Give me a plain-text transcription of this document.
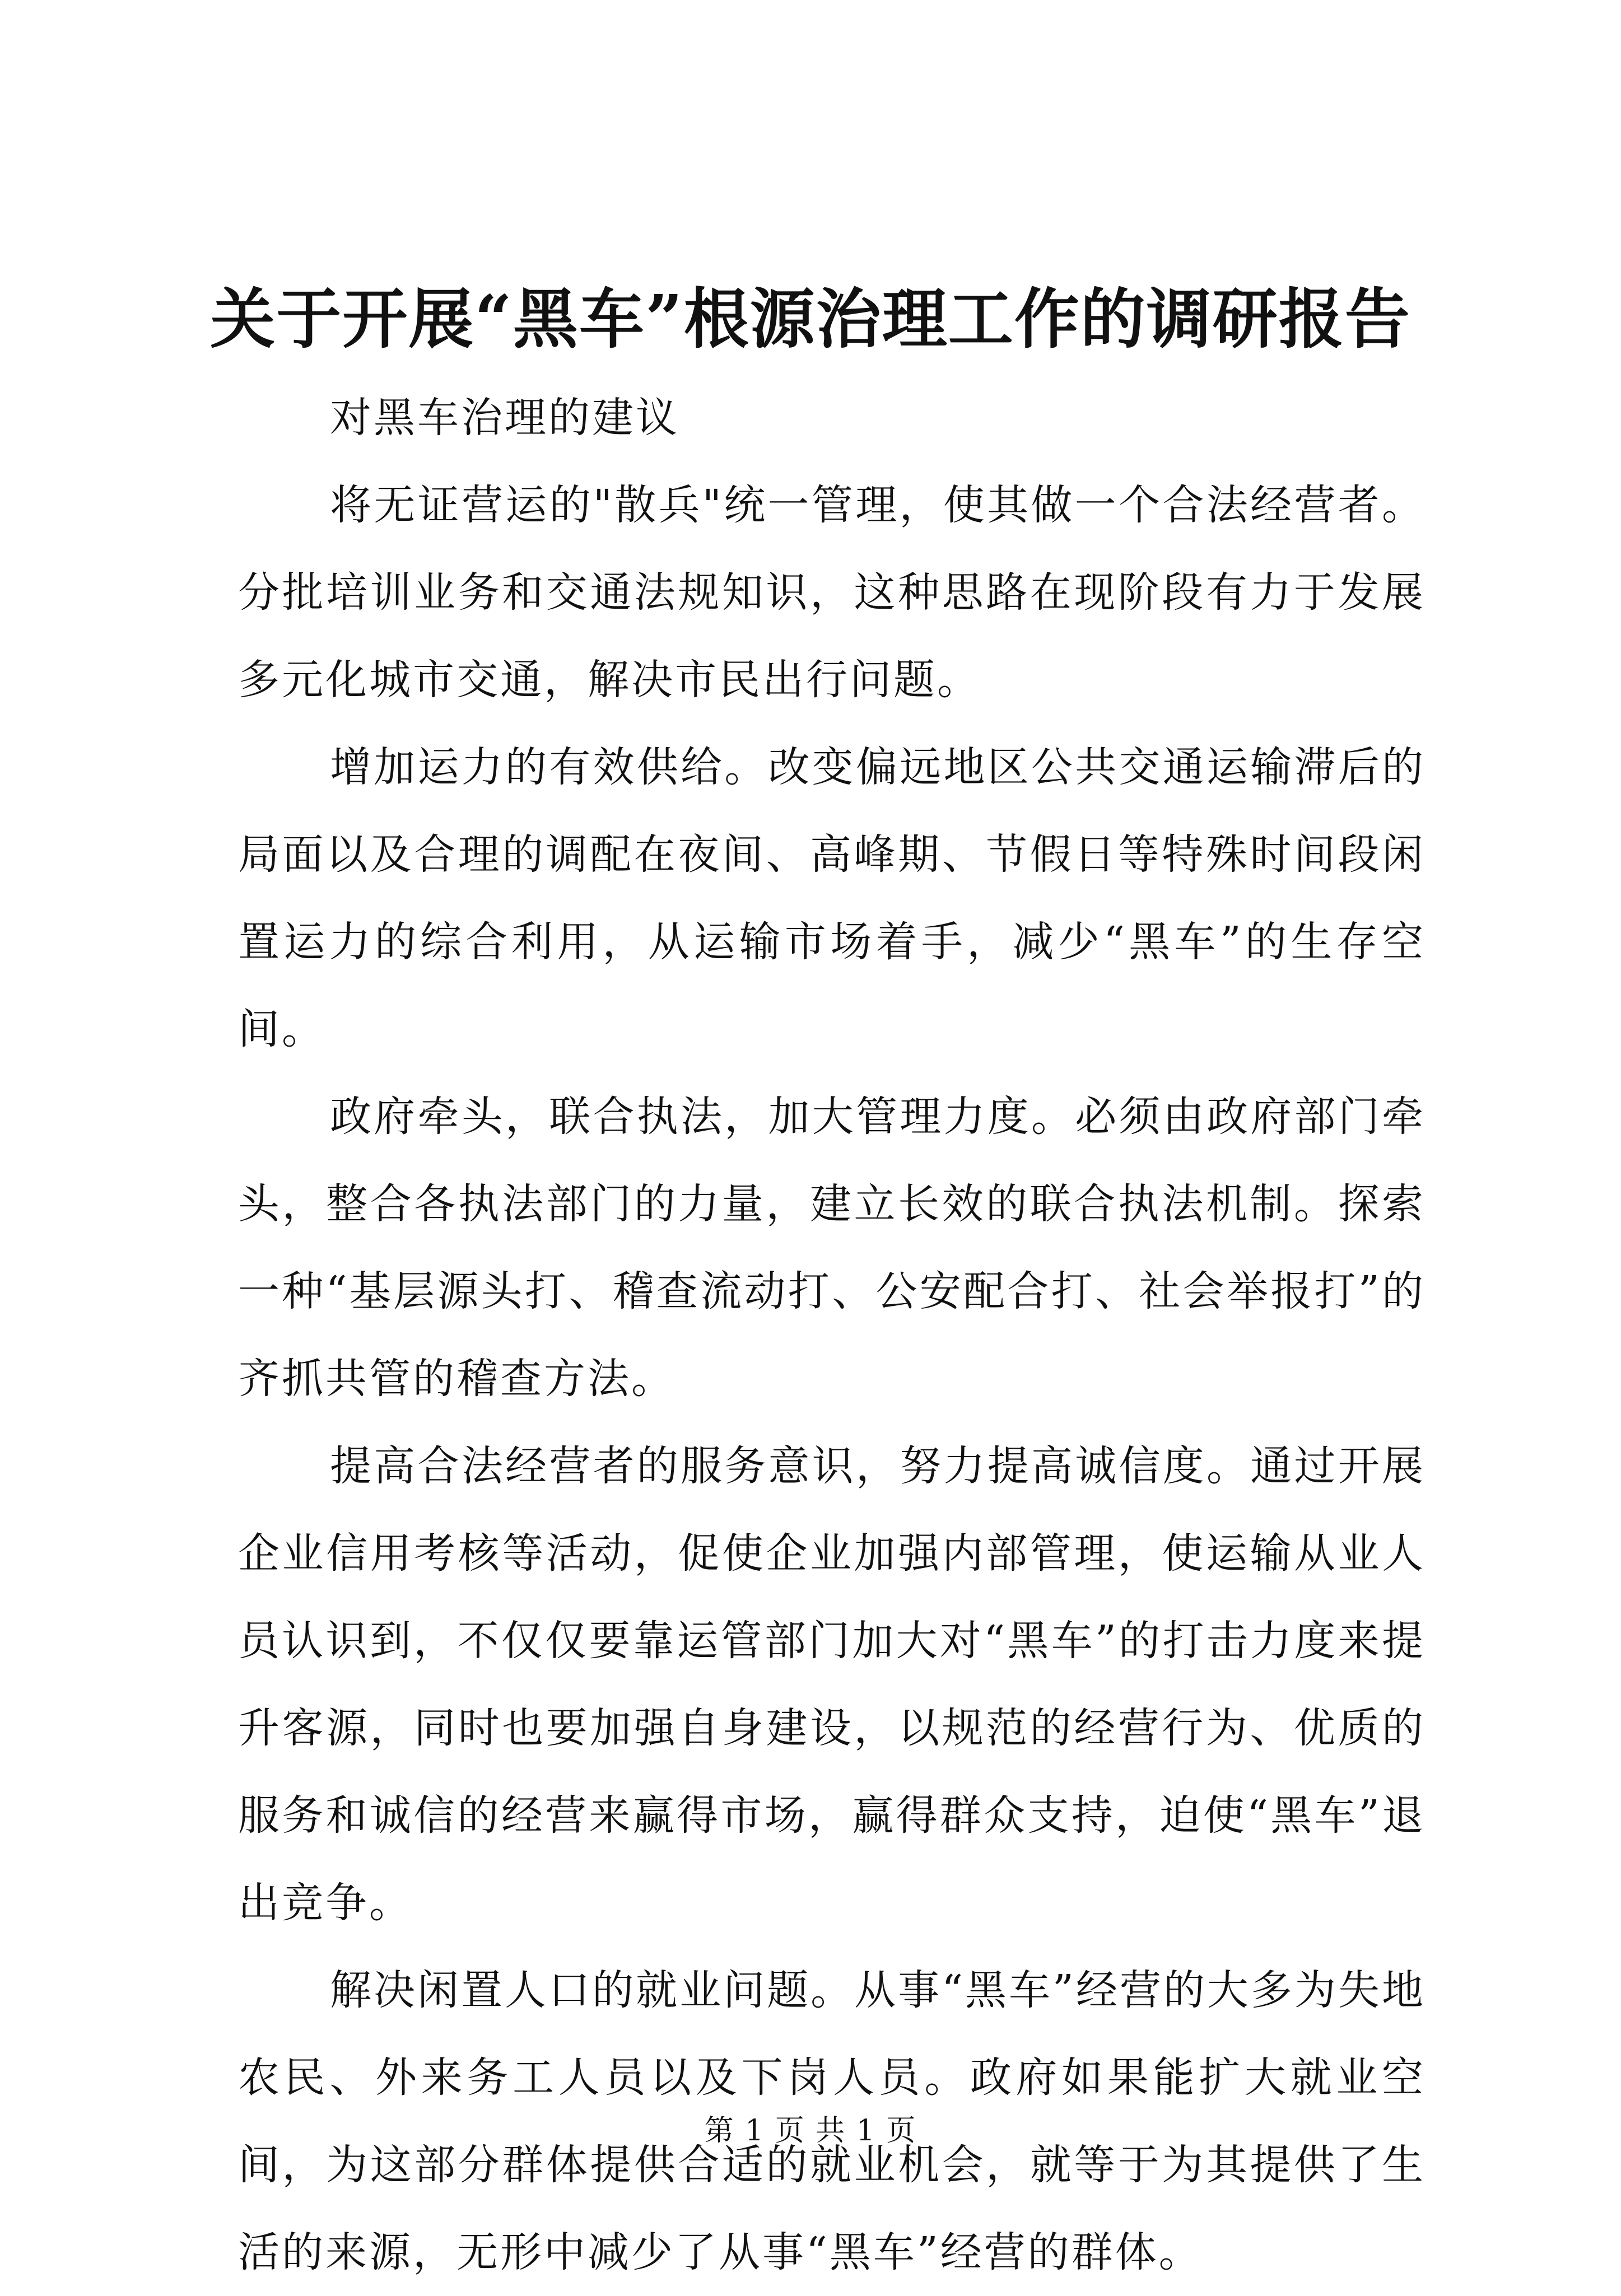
关于开展“黑车”根源治理工作的调研报告

对黑车治理的建议

将无证营运的"散兵"统一管理，使其做一个合法经营者。分批培训业务和交通法规知识，这种思路在现阶段有力于发展多元化城市交通，解决市民出行问题。

增加运力的有效供给。改变偏远地区公共交通运输滞后的局面以及合理的调配在夜间、高峰期、节假日等特殊时间段闲置运力的综合利用，从运输市场着手，减少“黑车”的生存空间。

政府牵头，联合执法，加大管理力度。必须由政府部门牵头，整合各执法部门的力量，建立长效的联合执法机制。探索一种“基层源头打、稽查流动打、公安配合打、社会举报打”的齐抓共管的稽查方法。

提高合法经营者的服务意识，努力提高诚信度。通过开展企业信用考核等活动，促使企业加强内部管理，使运输从业人员认识到，不仅仅要靠运管部门加大对“黑车”的打击力度来提升客源，同时也要加强自身建设，以规范的经营行为、优质的服务和诚信的经营来赢得市场，赢得群众支持，迫使“黑车”退出竞争。

解决闲置人口的就业问题。从事“黑车”经营的大多为失地农民、外来务工人员以及下岗人员。政府如果能扩大就业空间，为这部分群体提供合适的就业机会，就等于为其提供了生活的来源，无形中减少了从事“黑车”经营的群体。

第 1 页 共 1 页
